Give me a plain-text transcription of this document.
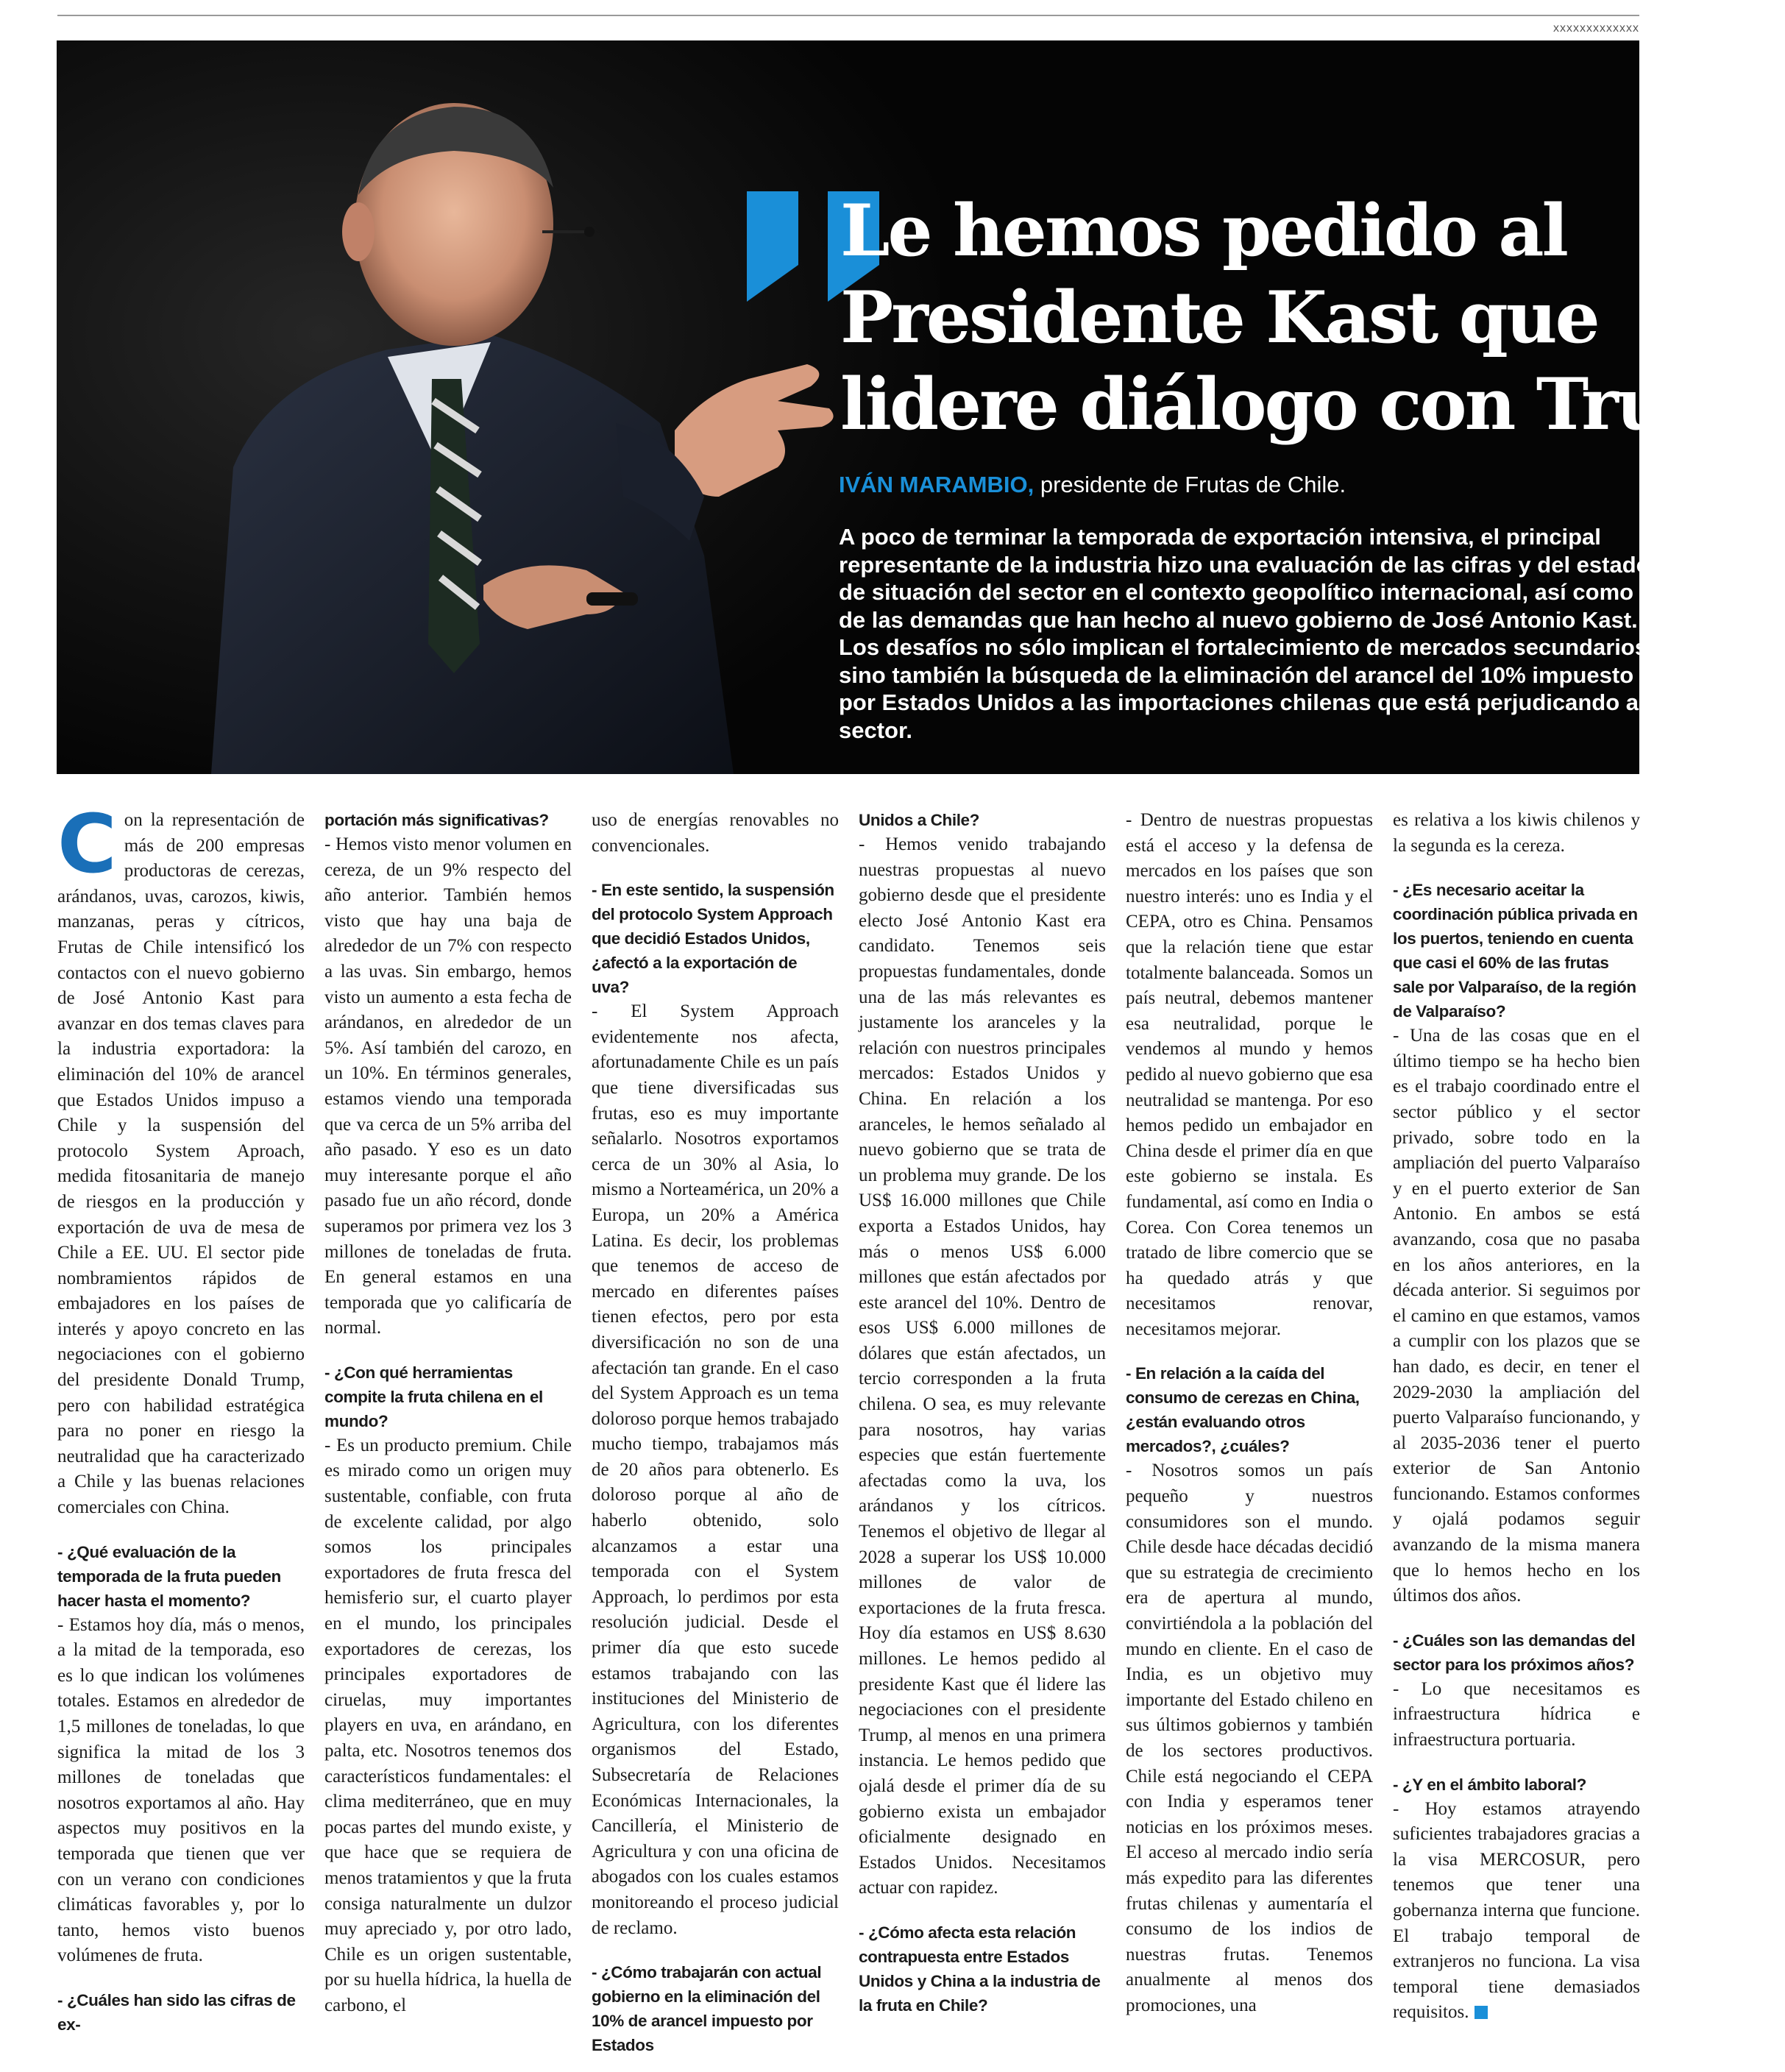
xxxxxxxxxxxxx
Le hemos pedido al
Presidente Kast que
lidere diálogo con Trump
IVÁN MARAMBIO, presidente de Frutas de Chile.
A poco de terminar la temporada de exportación intensiva, el principal representante de la industria hizo una evaluación de las cifras y del estado de situación del sector en el contexto geopolítico internacional, así como de las demandas que han hecho al nuevo gobierno de José Antonio Kast. Los desafíos no sólo implican el fortalecimiento de mercados secundarios sino también la búsqueda de la eliminación del arancel del 10% impuesto por Estados Unidos a las importaciones chilenas que está perjudicando al sector.

Con la representación de más de 200 empresas productoras de cerezas, arándanos, uvas, carozos, kiwis, manzanas, peras y cítricos, Frutas de Chile intensificó los contactos con el nuevo gobierno de José Antonio Kast para avanzar en dos temas claves para la industria exportadora: la eliminación del 10% de arancel que Estados Unidos impuso a Chile y la suspensión del protocolo System Aproach, medida fitosanitaria de manejo de riesgos en la producción y exportación de uva de mesa de Chile a EE. UU. El sector pide nombramientos rápidos de embajadores en los países de interés y apoyo concreto en las negociaciones con el gobierno del presidente Donald Trump, pero con habilidad estratégica para no poner en riesgo la neutralidad que ha caracterizado a Chile y las buenas relaciones comerciales con China.

- ¿Qué evaluación de la temporada de la fruta pueden hacer hasta el momento?

- Estamos hoy día, más o menos, a la mitad de la temporada, eso es lo que indican los volúmenes totales. Estamos en alrededor de 1,5 millones de toneladas, lo que significa la mitad de los 3 millones de toneladas que nosotros exportamos al año. Hay aspectos muy positivos en la temporada que tienen que ver con un verano con condiciones climáticas favorables y, por lo tanto, hemos visto buenos volúmenes de fruta.

- ¿Cuáles han sido las cifras de ex-

portación más significativas?

- Hemos visto menor volumen en cereza, de un 9% respecto del año anterior. También hemos visto que hay una baja de alrededor de un 7% con respecto a las uvas. Sin embargo, hemos visto un aumento a esta fecha de arándanos, en alrededor de un 5%. Así también del carozo, en un 10%. En términos generales, estamos viendo una temporada que va cerca de un 5% arriba del año pasado. Y eso es un dato muy interesante porque el año pasado fue un año récord, donde superamos por primera vez los 3 millones de toneladas de fruta. En general estamos en una temporada que yo calificaría de normal.

- ¿Con qué herramientas compite la fruta chilena en el mundo?

- Es un producto premium. Chile es mirado como un origen muy sustentable, confiable, con fruta de excelente calidad, por algo somos los principales exportadores de fruta fresca del hemisferio sur, el cuarto player en el mundo, los principales exportadores de cerezas, los principales exportadores de ciruelas, muy importantes players en uva, en arándano, en palta, etc. Nosotros tenemos dos característicos fundamentales: el clima mediterráneo, que en muy pocas partes del mundo existe, y que hace que se requiera de menos tratamientos y que la fruta consiga naturalmente un dulzor muy apreciado y, por otro lado, Chile es un origen sustentable, por su huella hídrica, la huella de carbono, el

uso de energías renovables no convencionales.

- En este sentido, la suspensión del protocolo System Approach que decidió Estados Unidos, ¿afectó a la exportación de uva?

- El System Approach evidentemente nos afecta, afortunadamente Chile es un país que tiene diversificadas sus frutas, eso es muy importante señalarlo. Nosotros exportamos cerca de un 30% al Asia, lo mismo a Norteamérica, un 20% a Europa, un 20% a América Latina. Es decir, los problemas que tenemos de acceso de mercado en diferentes países tienen efectos, pero por esta diversificación no son de una afectación tan grande. En el caso del System Approach es un tema doloroso porque hemos trabajado mucho tiempo, trabajamos más de 20 años para obtenerlo. Es doloroso porque al año de haberlo obtenido, solo alcanzamos a estar una temporada con el System Approach, lo perdimos por esta resolución judicial. Desde el primer día que esto sucede estamos trabajando con las instituciones del Ministerio de Agricultura, con los diferentes organismos del Estado, Subsecretaría de Relaciones Económicas Internacionales, la Cancillería, el Ministerio de Agricultura y con una oficina de abogados con los cuales estamos monitoreando el proceso judicial de reclamo.

- ¿Cómo trabajarán con actual gobierno en la eliminación del 10% de arancel impuesto por Estados

Unidos a Chile?

- Hemos venido trabajando nuestras propuestas al nuevo gobierno desde que el presidente electo José Antonio Kast era candidato. Tenemos seis propuestas fundamentales, donde una de las más relevantes es justamente los aranceles y la relación con nuestros principales mercados: Estados Unidos y China. En relación a los aranceles, le hemos señalado al nuevo gobierno que se trata de un problema muy grande. De los US$ 16.000 millones que Chile exporta a Estados Unidos, hay más o menos US$ 6.000 millones que están afectados por este arancel del 10%. Dentro de esos US$ 6.000 millones de dólares que están afectados, un tercio corresponden a la fruta chilena. O sea, es muy relevante para nosotros, hay varias especies que están fuertemente afectadas como la uva, los arándanos y los cítricos. Tenemos el objetivo de llegar al 2028 a superar los US$ 10.000 millones de valor de exportaciones de la fruta fresca. Hoy día estamos en US$ 8.630 millones. Le hemos pedido al presidente Kast que él lidere las negociaciones con el presidente Trump, al menos en una primera instancia. Le hemos pedido que ojalá desde el primer día de su gobierno exista un embajador oficialmente designado en Estados Unidos. Necesitamos actuar con rapidez.

- ¿Cómo afecta esta relación contrapuesta entre Estados Unidos y China a la industria de la fruta en Chile?

- Dentro de nuestras propuestas está el acceso y la defensa de mercados en los países que son nuestro interés: uno es India y el CEPA, otro es China. Pensamos que la relación tiene que estar totalmente balanceada. Somos un país neutral, debemos mantener esa neutralidad, porque le vendemos al mundo y hemos pedido al nuevo gobierno que esa neutralidad se mantenga. Por eso hemos pedido un embajador en China desde el primer día en que este gobierno se instala. Es fundamental, así como en India o Corea. Con Corea tenemos un tratado de libre comercio que se ha quedado atrás y que necesitamos renovar, necesitamos mejorar.

- En relación a la caída del consumo de cerezas en China, ¿están evaluando otros mercados?, ¿cuáles?

- Nosotros somos un país pequeño y nuestros consumidores son el mundo. Chile desde hace décadas decidió que su estrategia de crecimiento era de apertura al mundo, convirtiéndola a la población del mundo en cliente. En el caso de India, es un objetivo muy importante del Estado chileno en sus últimos gobiernos y también de los sectores productivos. Chile está negociando el CEPA con India y esperamos tener noticias en los próximos meses. El acceso al mercado indio sería más expedito para las diferentes frutas chilenas y aumentaría el consumo de los indios de nuestras frutas. Tenemos anualmente al menos dos promociones, una

es relativa a los kiwis chilenos y la segunda es la cereza.

- ¿Es necesario aceitar la coordinación pública privada en los puertos, teniendo en cuenta que casi el 60% de las frutas sale por Valparaíso, de la región de Valparaíso?

- Una de las cosas que en el último tiempo se ha hecho bien es el trabajo coordinado entre el sector público y el sector privado, sobre todo en la ampliación del puerto Valparaíso y en el puerto exterior de San Antonio. En ambos se está avanzando, cosa que no pasaba en los años anteriores, en la década anterior. Si seguimos por el camino en que estamos, vamos a cumplir con los plazos que se han dado, es decir, en tener el 2029-2030 la ampliación del puerto Valparaíso funcionando, y al 2035-2036 tener el puerto exterior de San Antonio funcionando. Estamos conformes y ojalá podamos seguir avanzando de la misma manera que lo hemos hecho en los últimos dos años.

- ¿Cuáles son las demandas del sector para los próximos años?

- Lo que necesitamos es infraestructura hídrica e infraestructura portuaria.

- ¿Y en el ámbito laboral?

- Hoy estamos atrayendo suficientes trabajadores gracias a la visa MERCOSUR, pero tenemos que tener una gobernanza interna que funcione. El trabajo temporal de extranjeros no funciona. La visa temporal tiene demasiados requisitos.
